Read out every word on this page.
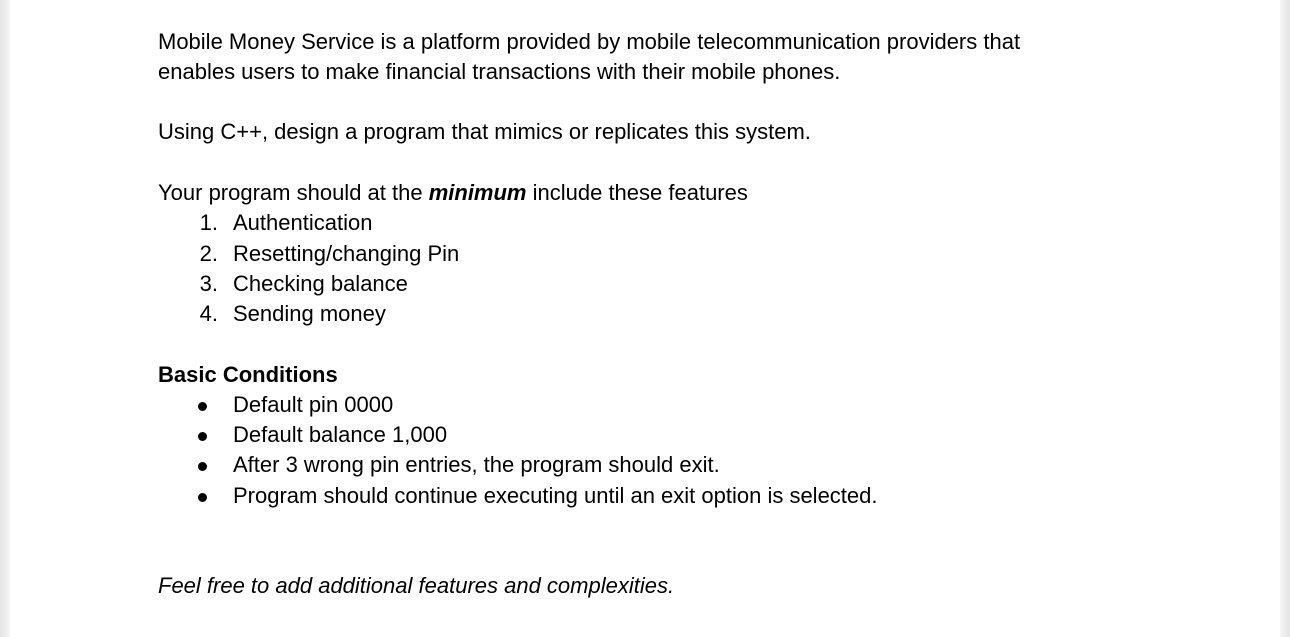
Mobile Money Service is a platform provided by mobile telecommunication providers that
enables users to make financial transactions with their mobile phones.
Using C++, design a program that mimics or replicates this system.
Your program should at the minimum include these features
1. Authentication
2. Resetting/changing Pin
3. Checking balance
4. Sending money
Basic Conditions
Default pin 0000
Default balance 1,000
After 3 wrong pin entries, the program should exit.
Program should continue executing until an exit option is selected.
Feel free to add additional features and complexities.
